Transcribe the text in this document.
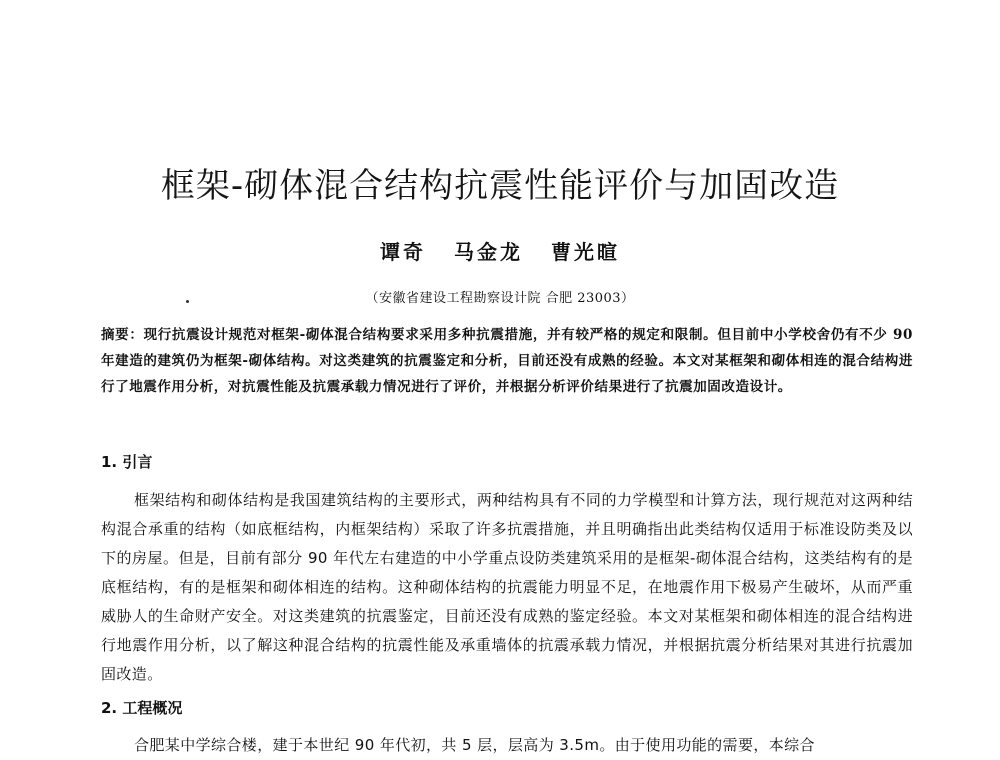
框架-砌体混合结构抗震性能评价与加固改造
谭奇 马金龙 曹光暄
（安徽省建设工程勘察设计院 合肥 23003）
摘要：现行抗震设计规范对框架-砌体混合结构要求采用多种抗震措施，并有较严格的规定和限制。但目前中小学校舍仍有不少 90 年建造的建筑仍为框架-砌体结构。对这类建筑的抗震鉴定和分析，目前还没有成熟的经验。本文对某框架和砌体相连的混合结构进行了地震作用分析，对抗震性能及抗震承载力情况进行了评价，并根据分析评价结果进行了抗震加固改造设计。
1. 引言
框架结构和砌体结构是我国建筑结构的主要形式，两种结构具有不同的力学模型和计算方法，现行规范对这两种结构混合承重的结构（如底框结构，内框架结构）采取了许多抗震措施，并且明确指出此类结构仅适用于标准设防类及以下的房屋。但是，目前有部分 90 年代左右建造的中小学重点设防类建筑采用的是框架-砌体混合结构，这类结构有的是底框结构，有的是框架和砌体相连的结构。这种砌体结构的抗震能力明显不足，在地震作用下极易产生破坏，从而严重威胁人的生命财产安全。对这类建筑的抗震鉴定，目前还没有成熟的鉴定经验。本文对某框架和砌体相连的混合结构进行地震作用分析，以了解这种混合结构的抗震性能及承重墙体的抗震承载力情况，并根据抗震分析结果对其进行抗震加固改造。
2. 工程概况
合肥某中学综合楼，建于本世纪 90 年代初，共 5 层，层高为 3.5m。由于使用功能的需要，本综合
